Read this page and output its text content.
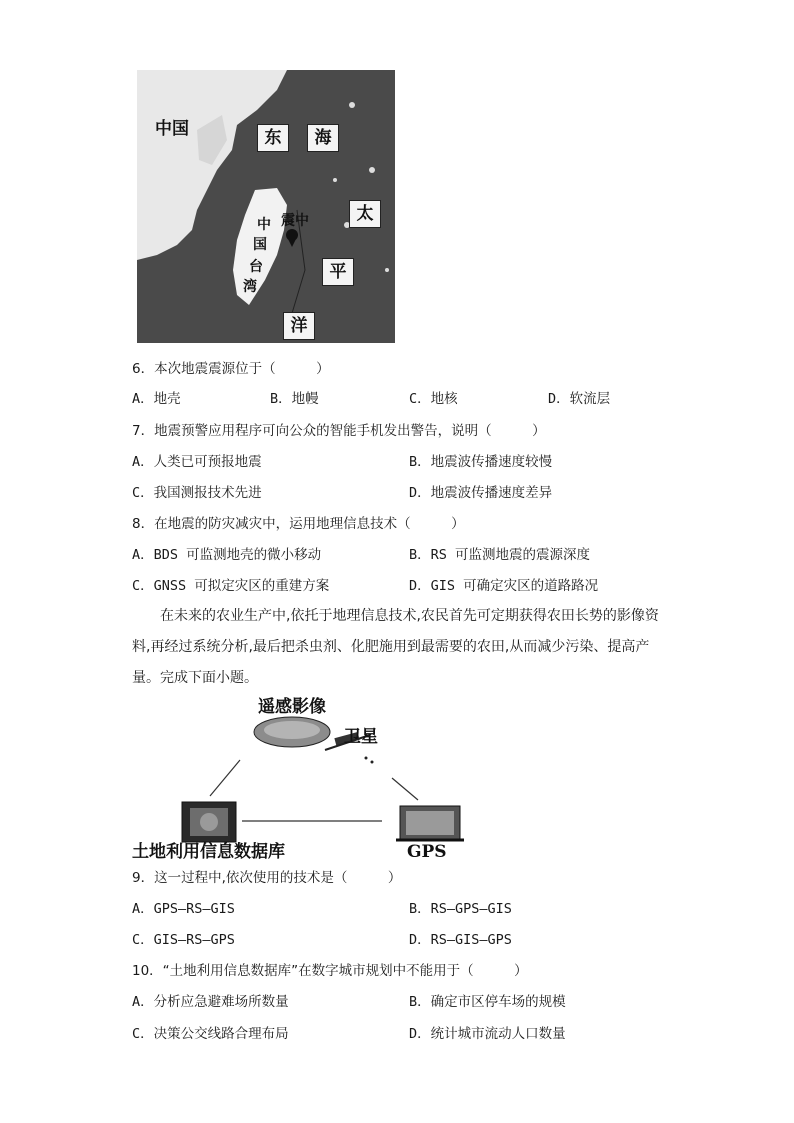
中国	东	海
太
平
洋
中
国
台
湾
震中
6．本次地震震源位于（　　　）
A．地壳	B．地幔	C．地核	D．软流层
7．地震预警应用程序可向公众的智能手机发出警告，说明（　　　）
A．人类已可预报地震	B．地震波传播速度较慢
C．我国测报技术先进	D．地震波传播速度差异
8．在地震的防灾减灾中，运用地理信息技术（　　　）
A．BDS 可监测地壳的微小移动	B．RS 可监测地震的震源深度
C．GNSS 可拟定灾区的重建方案	D．GIS 可确定灾区的道路路况
在未来的农业生产中,依托于地理信息技术,农民首先可定期获得农田长势的影像资料,再经过系统分析,最后把杀虫剂、化肥施用到最需要的农田,从而减少污染、提高产量。完成下面小题。
遥感影像
卫星
土地利用信息数据库	GPS
9．这一过程中,依次使用的技术是（　　　）
A．GPS—RS—GIS	B．RS—GPS—GIS
C．GIS—RS—GPS	D．RS—GIS—GPS
10．“土地利用信息数据库”在数字城市规划中不能用于（　　　）
A．分析应急避难场所数量	B．确定市区停车场的规模
C．决策公交线路合理布局	D．统计城市流动人口数量
